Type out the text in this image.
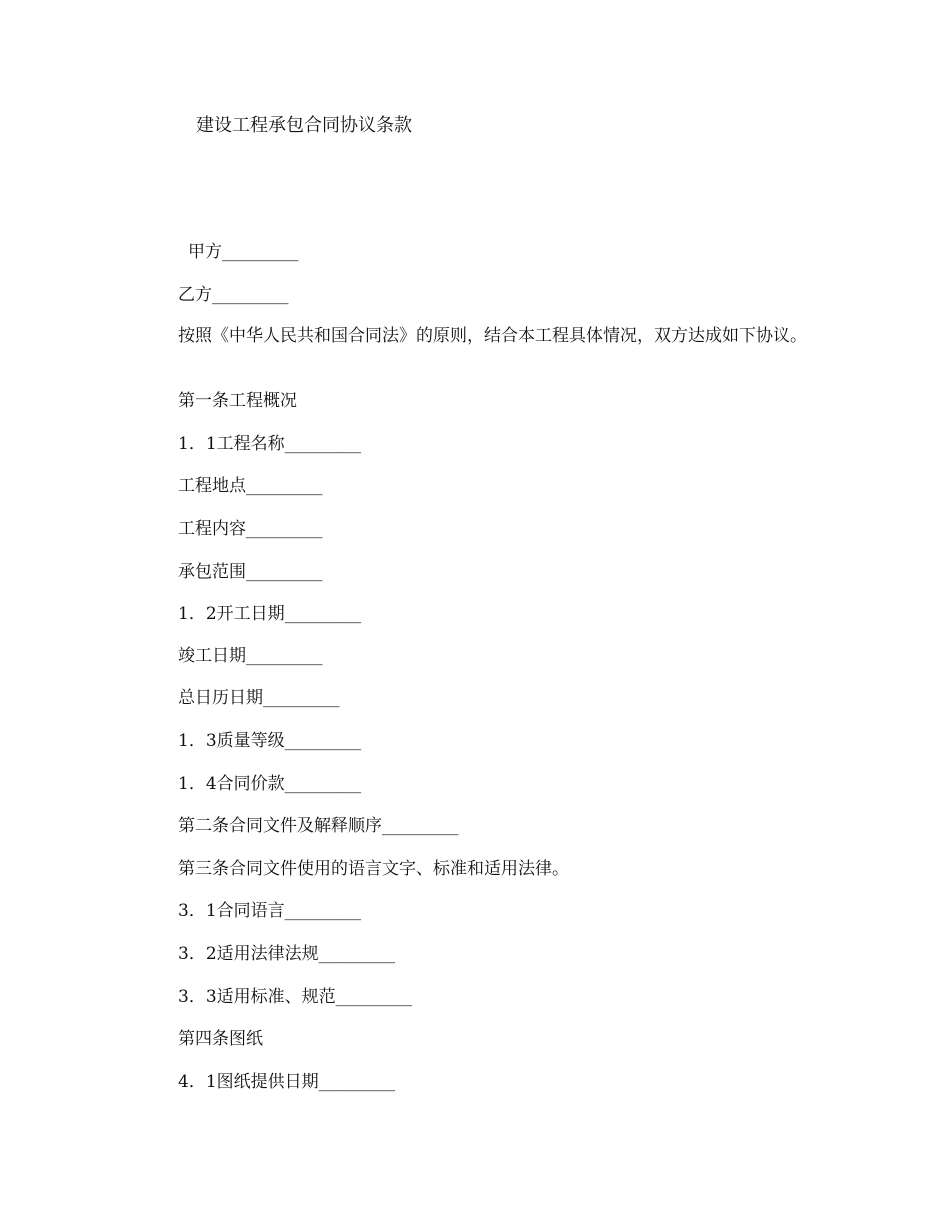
建设工程承包合同协议条款
甲方_________
乙方_________
按照《中华人民共和国合同法》的原则，结合本工程具体情况，双方达成如下协议。
第一条工程概况
1．1工程名称_________
工程地点_________
工程内容_________
承包范围_________
1．2开工日期_________
竣工日期_________
总日历日期_________
1．3质量等级_________
1．4合同价款_________
第二条合同文件及解释顺序_________
第三条合同文件使用的语言文字、标准和适用法律。
3．1合同语言_________
3．2适用法律法规_________
3．3适用标准、规范_________
第四条图纸
4．1图纸提供日期_________
